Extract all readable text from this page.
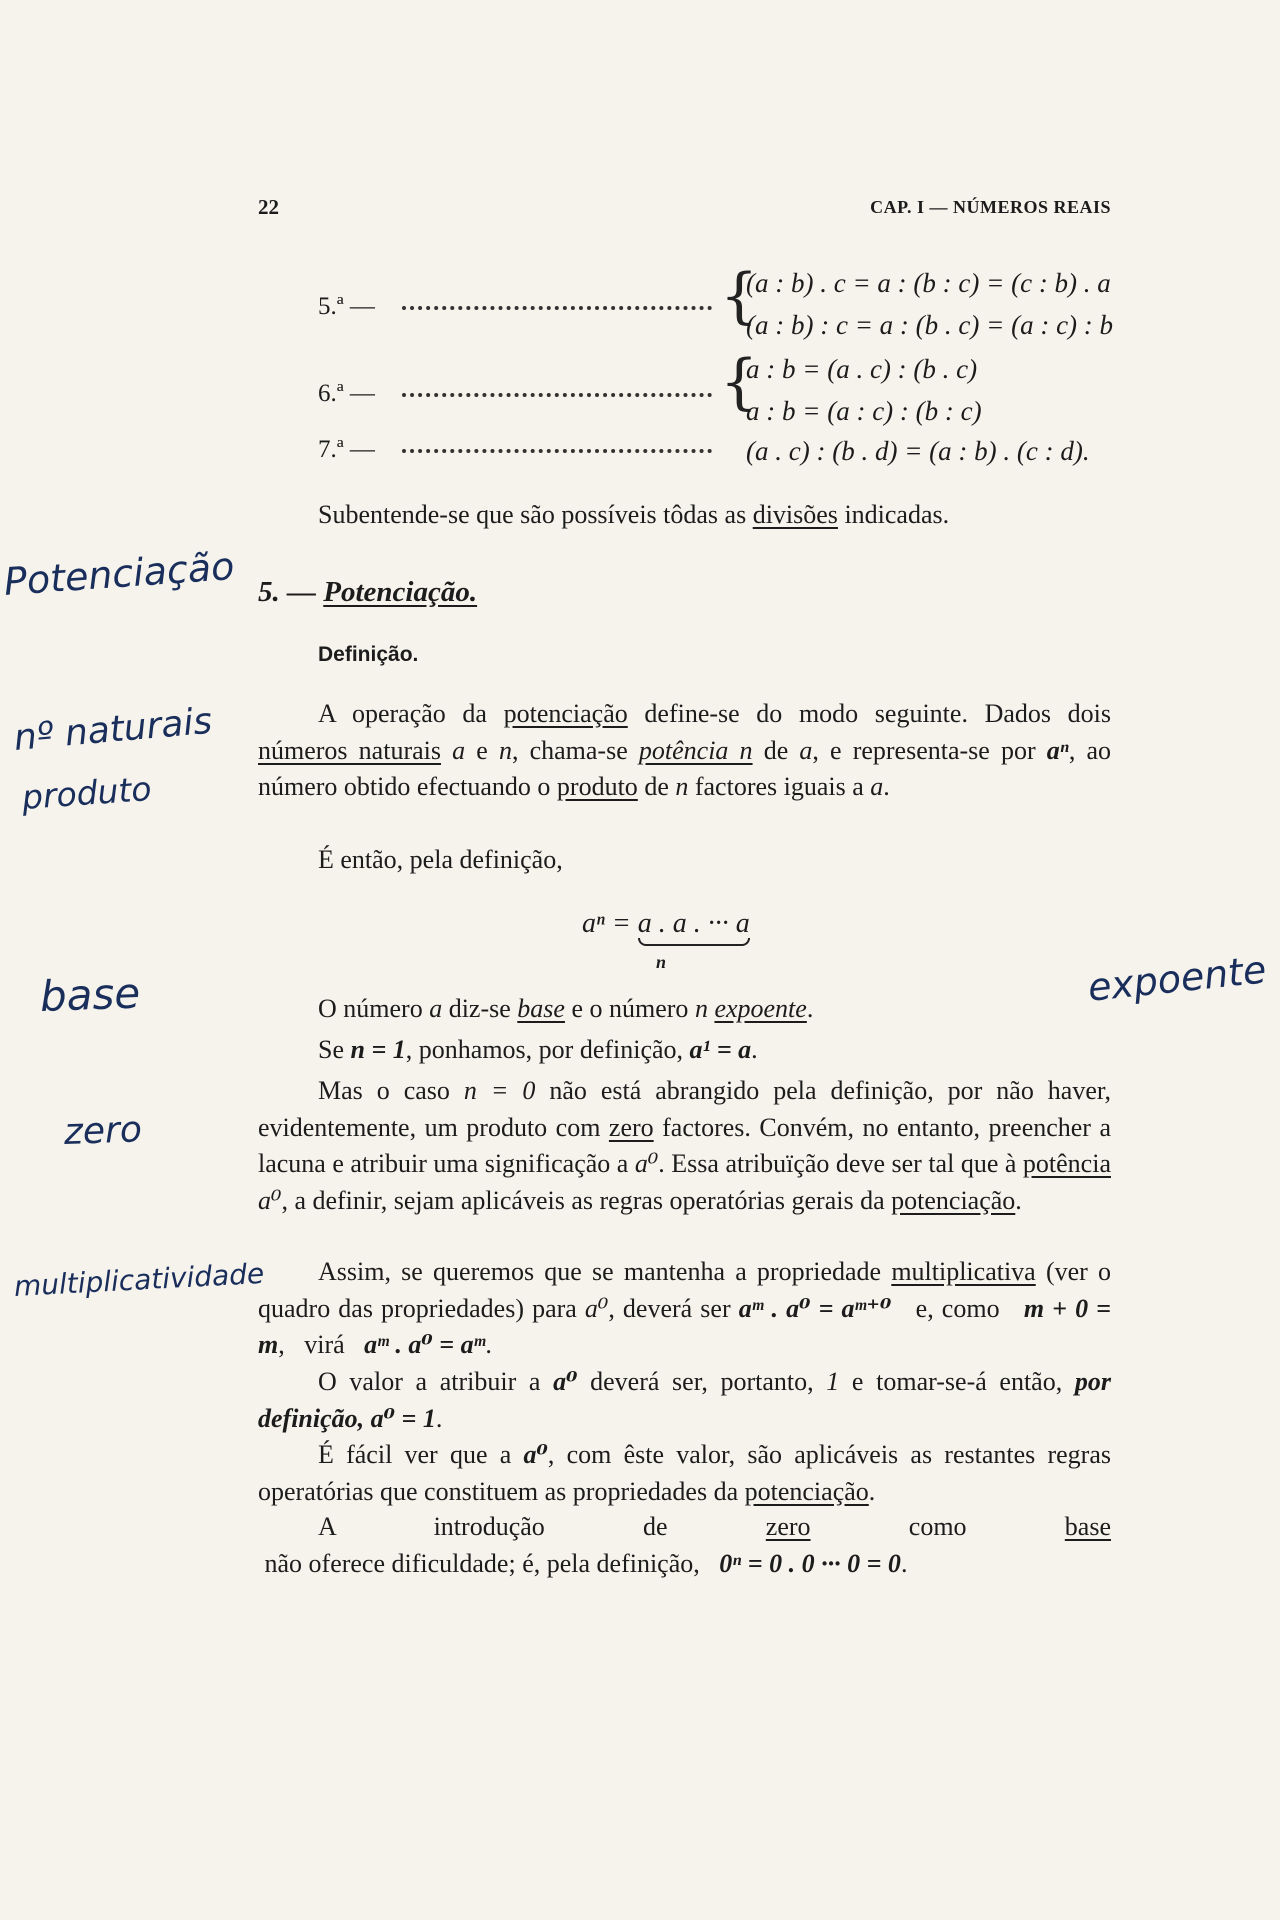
22	CAP. I — NÚMEROS REAIS
5.ª —	{
(a : b) . c = a : (b : c) = (c : b) . a
(a : b) : c = a : (b . c) = (a : c) : b
6.ª —	{
a : b = (a . c) : (b . c)
a : b = (a : c) : (b : c)
7.ª —	(a . c) : (b . d) = (a : b) . (c : d).
Subentende-se que são possíveis tôdas as divisões indicadas.
5. — Potenciação.
Definição.
A operação da potenciação define-se do modo seguinte. Dados dois números naturais a e n, chama-se potência n de a, e representa-se por aⁿ, ao número obtido efectuando o produto de n factores iguais a a.
É então, pela definição,
aⁿ = a . a . ··· a
n
O número a diz-se base e o número n expoente.
Se n = 1, ponhamos, por definição, a¹ = a.
Mas o caso n = 0 não está abrangido pela definição, por não haver, evidentemente, um produto com zero factores. Convém, no entanto, preencher a lacuna e atribuir uma significação a a⁰. Essa atribuïção deve ser tal que à potência a⁰, a definir, sejam aplicáveis as regras operatórias gerais da potenciação.
Assim, se queremos que se mantenha a propriedade multiplicativa (ver o quadro das propriedades) para a⁰, deverá ser aᵐ . a⁰ = aᵐ⁺⁰   e, como   m + 0 = m,   virá   aᵐ . a⁰ = aᵐ.
O valor a atribuir a a⁰ deverá ser, portanto, 1 e tomar-se-á então, por definição, a⁰ = 1.
É fácil ver que a a⁰, com êste valor, são aplicáveis as restantes regras operatórias que constituem as propriedades da potenciação.
A introdução de zero como base não oferece dificuldade; é, pela definição,   0ⁿ = 0 . 0 ··· 0 = 0.
Potenciação
nº naturais
produto
base	expoente
zero
multiplicatividade
